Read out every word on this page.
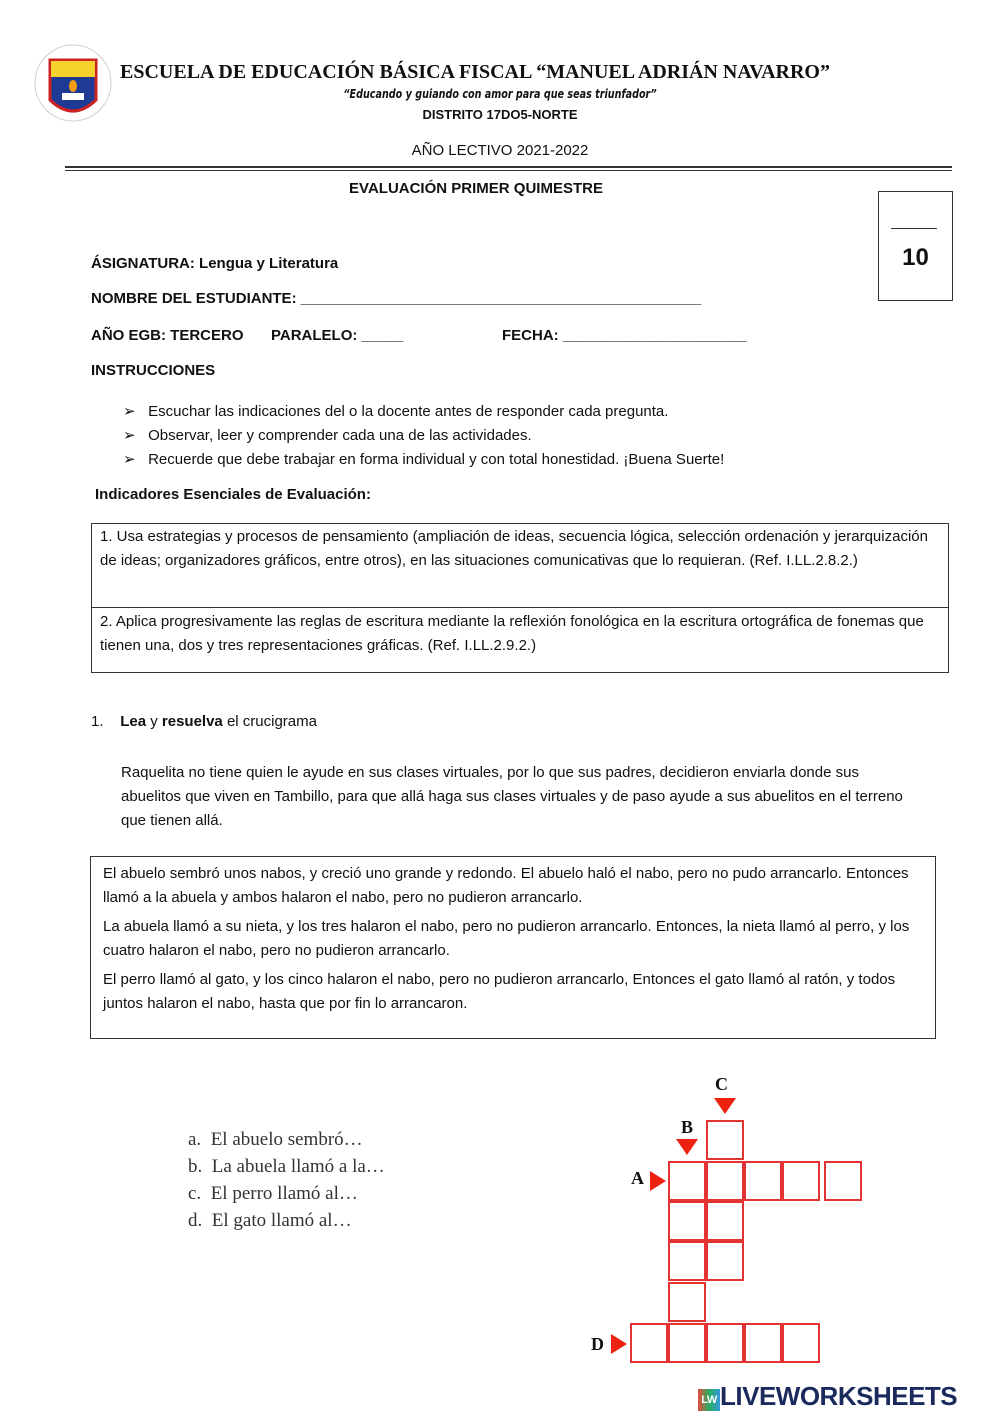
ESCUELA DE EDUCACIÓN BÁSICA FISCAL “MANUEL ADRIÁN NAVARRO”
“Educando y guiando con amor para que seas triunfador”
DISTRITO 17DO5-NORTE
AÑO LECTIVO 2021-2022
EVALUACIÓN PRIMER QUIMESTRE
10
ÁSIGNATURA: Lengua y Literatura
NOMBRE DEL ESTUDIANTE: ________________________________________________
AÑO EGB: TERCERO PARALELO: _____	FECHA: ______________________
INSTRUCCIONES
➢ Escuchar las indicaciones del o la docente antes de responder cada pregunta.
➢ Observar, leer y comprender cada una de las actividades.
➢ Recuerde que debe trabajar en forma individual y con total honestidad. ¡Buena Suerte!
Indicadores Esenciales de Evaluación:
1. Usa estrategias y procesos de pensamiento (ampliación de ideas, secuencia lógica, selección ordenación y jerarquización de ideas; organizadores gráficos, entre otros), en las situaciones comunicativas que lo requieran. (Ref. I.LL.2.8.2.)
2. Aplica progresivamente las reglas de escritura mediante la reflexión fonológica en la escritura ortográfica de fonemas que tienen una, dos y tres representaciones gráficas. (Ref. I.LL.2.9.2.)
1. Lea y resuelva el crucigrama
Raquelita no tiene quien le ayude en sus clases virtuales, por lo que sus padres, decidieron enviarla donde sus abuelitos que viven en Tambillo, para que allá haga sus clases virtuales y de paso ayude a sus abuelitos en el terreno que tienen allá.

El abuelo sembró unos nabos, y creció uno grande y redondo. El abuelo haló el nabo, pero no pudo arrancarlo. Entonces llamó a la abuela y ambos halaron el nabo, pero no pudieron arrancarlo.

La abuela llamó a su nieta, y los tres halaron el nabo, pero no pudieron arrancarlo. Entonces, la nieta llamó al perro, y los cuatro halaron el nabo, pero no pudieron arrancarlo.

El perro llamó al gato, y los cinco halaron el nabo, pero no pudieron arrancarlo, Entonces el gato llamó al ratón, y todos juntos halaron el nabo, hasta que por fin lo arrancaron.

a. El abuelo sembró…
b. La abuela llamó a la…
c. El perro llamó al…
d. El gato llamó al…
C
B
A
D
LW LIVEWORKSHEETS
